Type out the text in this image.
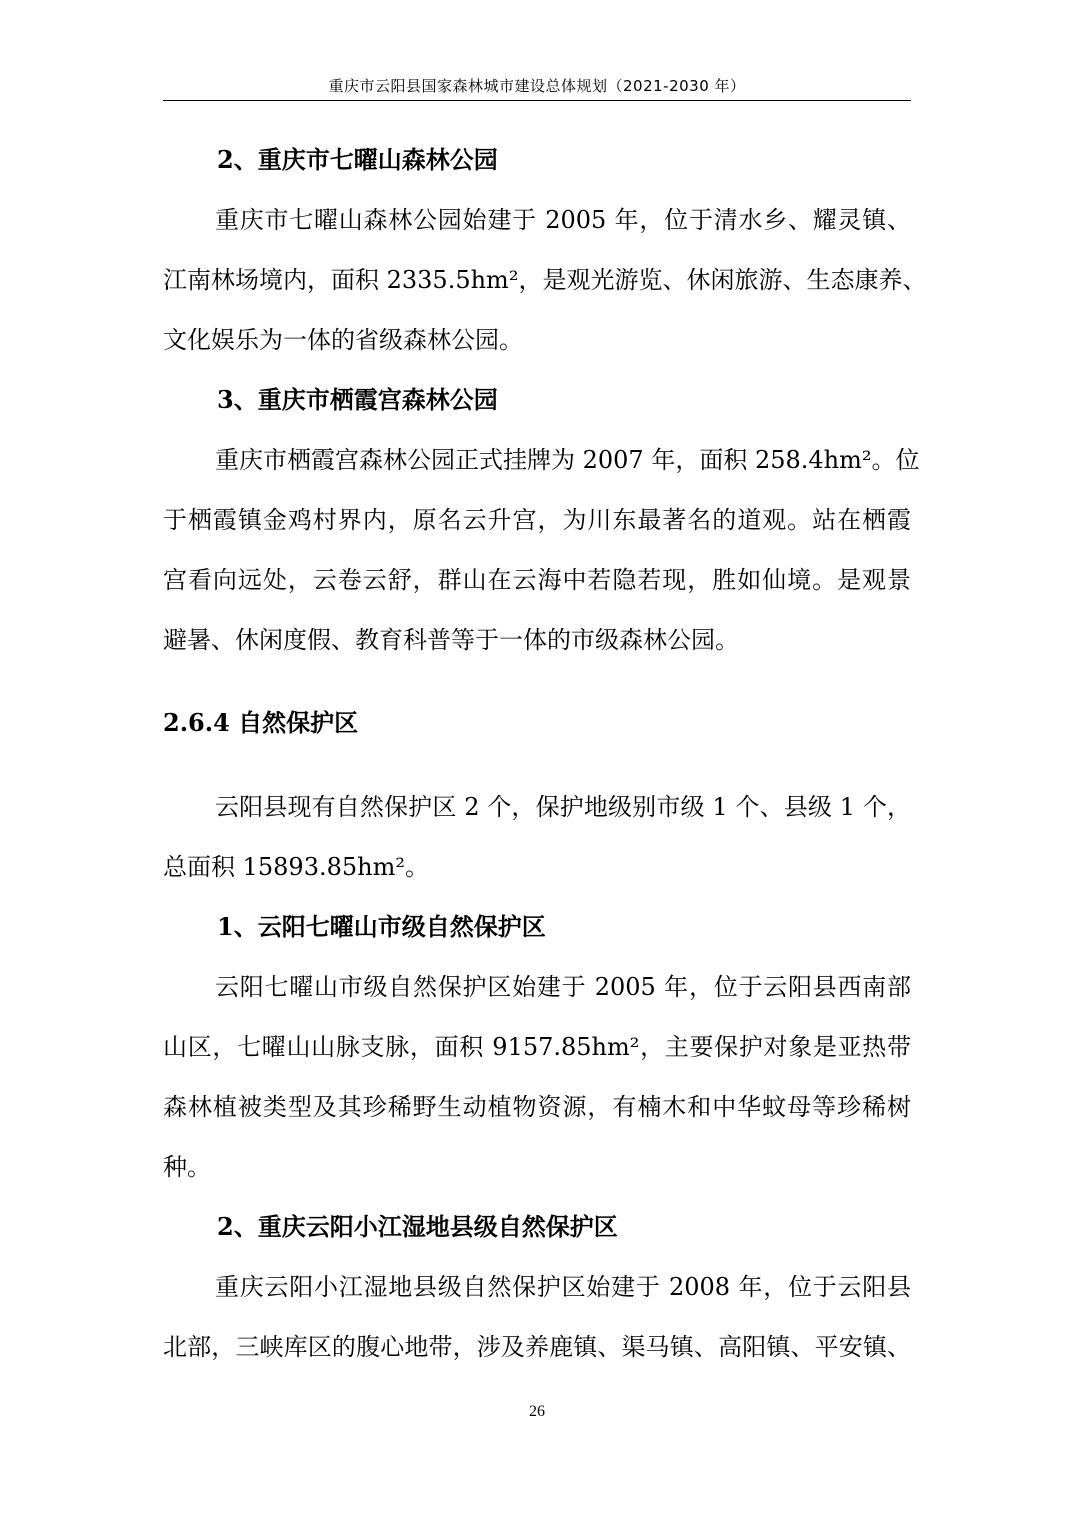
重庆市云阳县国家森林城市建设总体规划（2021-2030 年）
2、重庆市七曜山森林公园
重庆市七曜山森林公园始建于 2005 年，位于清水乡、耀灵镇、
江南林场境内，面积 2335.5hm²，是观光游览、休闲旅游、生态康养、
文化娱乐为一体的省级森林公园。
3、重庆市栖霞宫森林公园
重庆市栖霞宫森林公园正式挂牌为 2007 年，面积 258.4hm²。位
于栖霞镇金鸡村界内，原名云升宫，为川东最著名的道观。站在栖霞
宫看向远处，云卷云舒，群山在云海中若隐若现，胜如仙境。是观景
避暑、休闲度假、教育科普等于一体的市级森林公园。
2.6.4 自然保护区
云阳县现有自然保护区 2 个，保护地级别市级 1 个、县级 1 个，
总面积 15893.85hm²。
1、云阳七曜山市级自然保护区
云阳七曜山市级自然保护区始建于 2005 年，位于云阳县西南部
山区，七曜山山脉支脉，面积 9157.85hm²，主要保护对象是亚热带
森林植被类型及其珍稀野生动植物资源，有楠木和中华蚊母等珍稀树
种。
2、重庆云阳小江湿地县级自然保护区
重庆云阳小江湿地县级自然保护区始建于 2008 年，位于云阳县
北部，三峡库区的腹心地带，涉及养鹿镇、渠马镇、高阳镇、平安镇、
26
